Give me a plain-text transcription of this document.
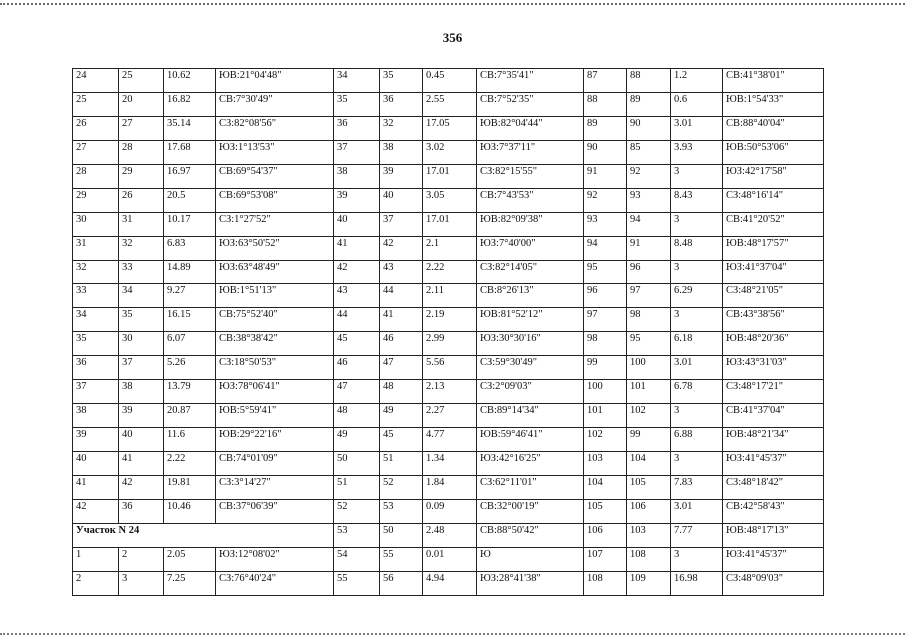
356
24	25	10.62	ЮВ:21°04'48"	34	35	0.45	СВ:7°35'41"	87	88	1.2	СВ:41°38'01"
25	20	16.82	СВ:7°30'49"	35	36	2.55	СВ:7°52'35"	88	89	0.6	ЮВ:1°54'33"
26	27	35.14	СЗ:82°08'56"	36	32	17.05	ЮВ:82°04'44"	89	90	3.01	СВ:88°40'04"
27	28	17.68	ЮЗ:1°13'53"	37	38	3.02	ЮЗ:7°37'11"	90	85	3.93	ЮВ:50°53'06"
28	29	16.97	СВ:69°54'37"	38	39	17.01	СЗ:82°15'55"	91	92	3	ЮЗ:42°17'58"
29	26	20.5	СВ:69°53'08"	39	40	3.05	СВ:7°43'53"	92	93	8.43	СЗ:48°16'14"
30	31	10.17	СЗ:1°27'52"	40	37	17.01	ЮВ:82°09'38"	93	94	3	СВ:41°20'52"
31	32	6.83	ЮЗ:63°50'52"	41	42	2.1	ЮЗ:7°40'00"	94	91	8.48	ЮВ:48°17'57"
32	33	14.89	ЮЗ:63°48'49"	42	43	2.22	СЗ:82°14'05"	95	96	3	ЮЗ:41°37'04"
33	34	9.27	ЮВ:1°51'13"	43	44	2.11	СВ:8°26'13"	96	97	6.29	СЗ:48°21'05"
34	35	16.15	СВ:75°52'40"	44	41	2.19	ЮВ:81°52'12"	97	98	3	СВ:43°38'56"
35	30	6.07	СВ:38°38'42"	45	46	2.99	ЮЗ:30°30'16"	98	95	6.18	ЮВ:48°20'36"
36	37	5.26	СЗ:18°50'53"	46	47	5.56	СЗ:59°30'49"	99	100	3.01	ЮЗ:43°31'03"
37	38	13.79	ЮЗ:78°06'41"	47	48	2.13	СЗ:2°09'03"	100	101	6.78	СЗ:48°17'21"
38	39	20.87	ЮВ:5°59'41"	48	49	2.27	СВ:89°14'34"	101	102	3	СВ:41°37'04"
39	40	11.6	ЮВ:29°22'16"	49	45	4.77	ЮВ:59°46'41"	102	99	6.88	ЮВ:48°21'34"
40	41	2.22	СВ:74°01'09"	50	51	1.34	ЮЗ:42°16'25"	103	104	3	ЮЗ:41°45'37"
41	42	19.81	СЗ:3°14'27"	51	52	1.84	СЗ:62°11'01"	104	105	7.83	СЗ:48°18'42"
42	36	10.46	СВ:37°06'39"	52	53	0.09	СВ:32°00'19"	105	106	3.01	СВ:42°58'43"
Участок N 24				53	50	2.48	СВ:88°50'42"	106	103	7.77	ЮВ:48°17'13"
1	2	2.05	ЮЗ:12°08'02"	54	55	0.01	Ю	107	108	3	ЮЗ:41°45'37"
2	3	7.25	СЗ:76°40'24"	55	56	4.94	ЮЗ:28°41'38"	108	109	16.98	СЗ:48°09'03"
